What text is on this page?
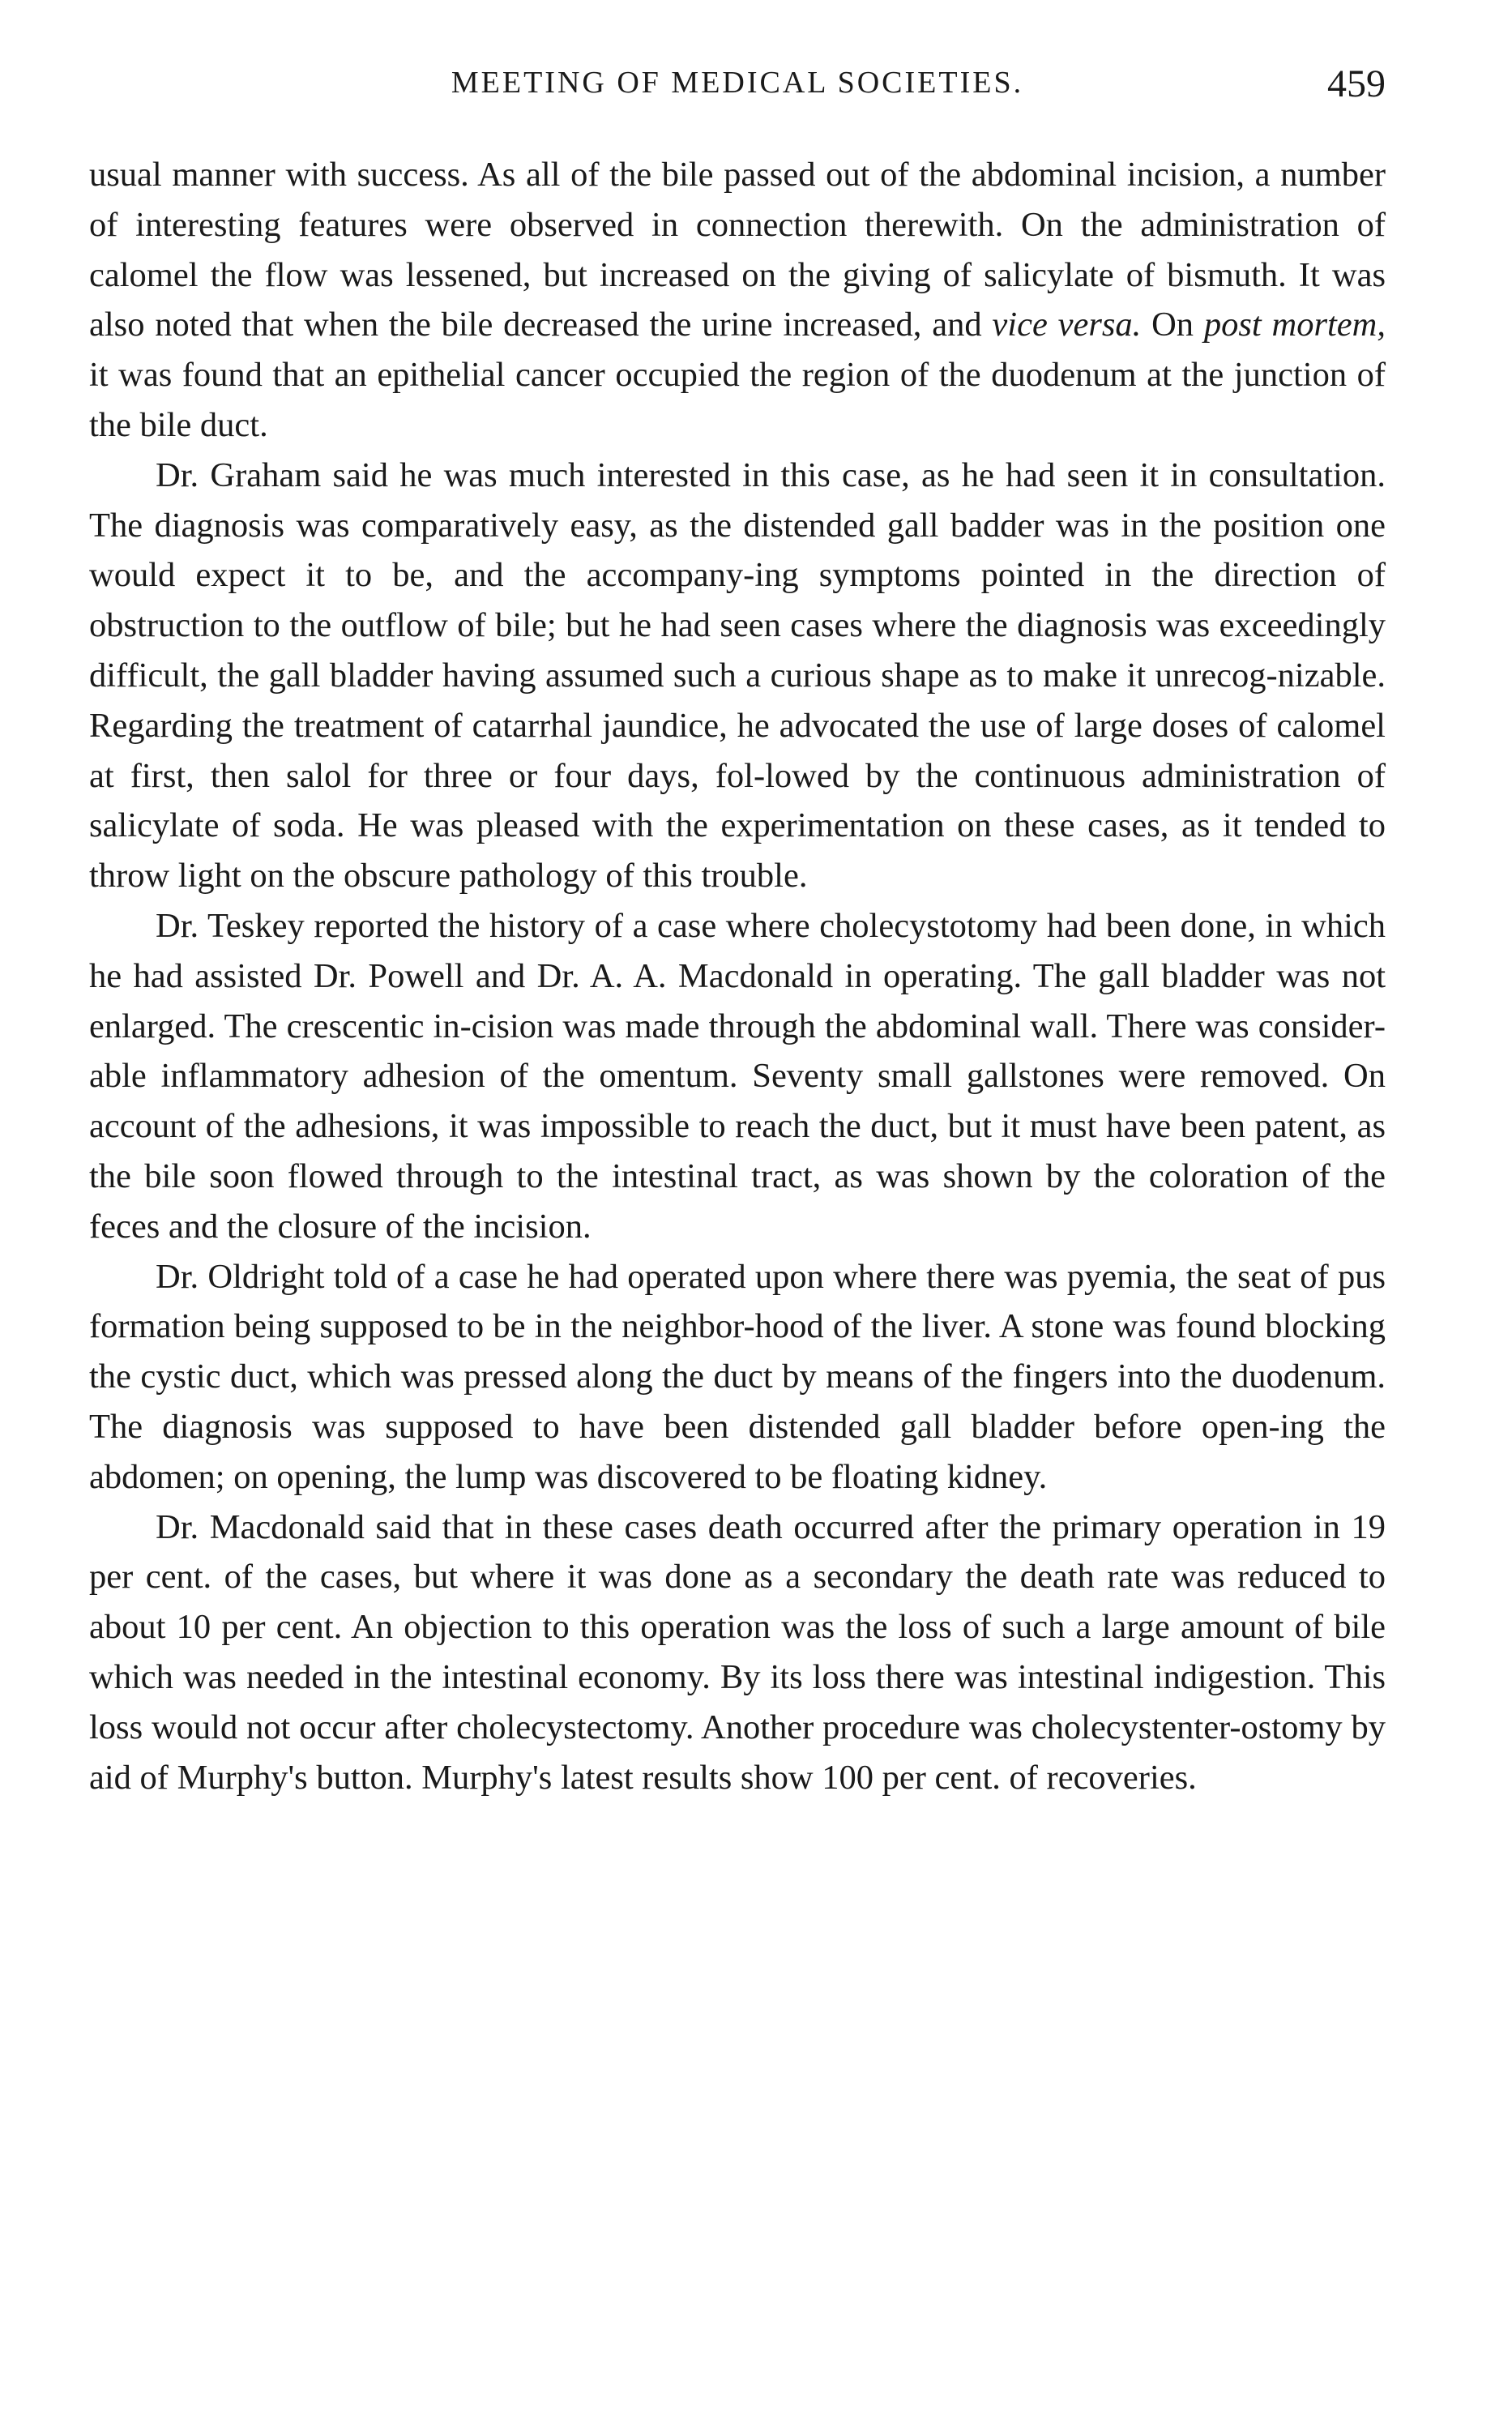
MEETING OF MEDICAL SOCIETIES.	459

usual manner with success. As all of the bile passed out of the abdominal incision, a number of interesting features were observed in connection therewith. On the administration of calomel the flow was lessened, but increased on the giving of salicylate of bismuth. It was also noted that when the bile decreased the urine increased, and vice versa. On post mortem, it was found that an epithelial cancer occupied the region of the duodenum at the junction of the bile duct.

Dr. Graham said he was much interested in this case, as he had seen it in consultation. The diagnosis was comparatively easy, as the distended gall badder was in the position one would expect it to be, and the accompany-ing symptoms pointed in the direction of obstruction to the outflow of bile; but he had seen cases where the diagnosis was exceedingly difficult, the gall bladder having assumed such a curious shape as to make it unrecog-nizable. Regarding the treatment of catarrhal jaundice, he advocated the use of large doses of calomel at first, then salol for three or four days, fol-lowed by the continuous administration of salicylate of soda. He was pleased with the experimentation on these cases, as it tended to throw light on the obscure pathology of this trouble.

Dr. Teskey reported the history of a case where cholecystotomy had been done, in which he had assisted Dr. Powell and Dr. A. A. Macdonald in operating. The gall bladder was not enlarged. The crescentic in-cision was made through the abdominal wall. There was consider-able inflammatory adhesion of the omentum. Seventy small gallstones were removed. On account of the adhesions, it was impossible to reach the duct, but it must have been patent, as the bile soon flowed through to the intestinal tract, as was shown by the coloration of the feces and the closure of the incision.

Dr. Oldright told of a case he had operated upon where there was pyemia, the seat of pus formation being supposed to be in the neighbor-hood of the liver. A stone was found blocking the cystic duct, which was pressed along the duct by means of the fingers into the duodenum. The diagnosis was supposed to have been distended gall bladder before open-ing the abdomen; on opening, the lump was discovered to be floating kidney.

Dr. Macdonald said that in these cases death occurred after the primary operation in 19 per cent. of the cases, but where it was done as a secondary the death rate was reduced to about 10 per cent. An objection to this operation was the loss of such a large amount of bile which was needed in the intestinal economy. By its loss there was intestinal indigestion. This loss would not occur after cholecystectomy. Another procedure was cholecystenter-ostomy by aid of Murphy's button. Murphy's latest results show 100 per cent. of recoveries.
